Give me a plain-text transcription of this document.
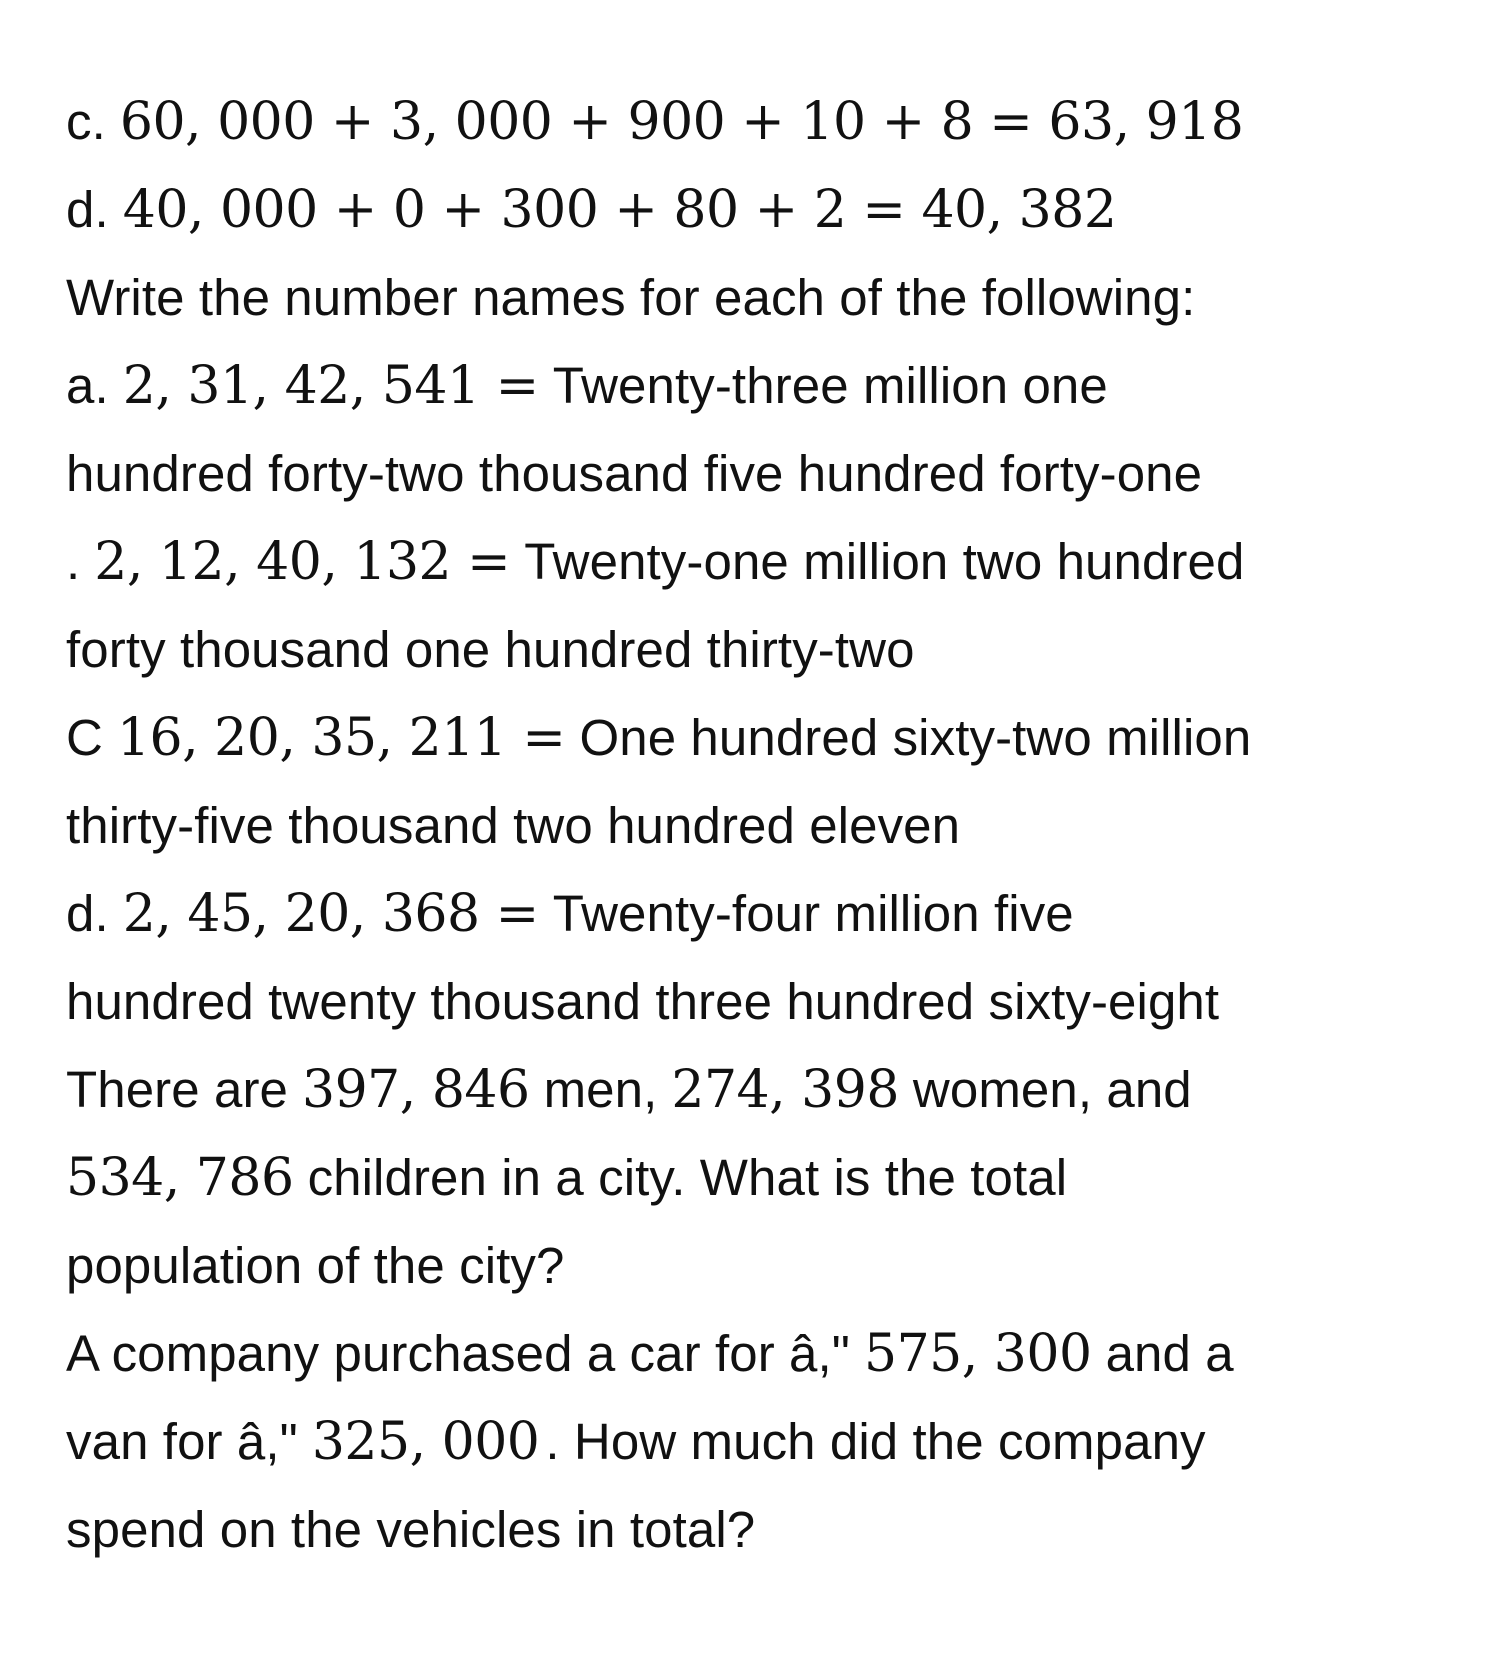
c. 60, 000 + 3, 000 + 900 + 10 + 8 = 63, 918
d. 40, 000 + 0 + 300 + 80 + 2 = 40, 382
Write the number names for each of the following:
a. 2, 31, 42, 541 = Twenty-three million one
hundred forty-two thousand five hundred forty-one
. 2, 12, 40, 132 = Twenty-one million two hundred
forty thousand one hundred thirty-two
C 16, 20, 35, 211 = One hundred sixty-two million
thirty-five thousand two hundred eleven
d. 2, 45, 20, 368 = Twenty-four million five
hundred twenty thousand three hundred sixty-eight
There are 397, 846 men, 274, 398 women, and
534, 786 children in a city. What is the total
population of the city?
A company purchased a car for â," 575, 300 and a
van for â," 325, 000 . How much did the company
spend on the vehicles in total?
